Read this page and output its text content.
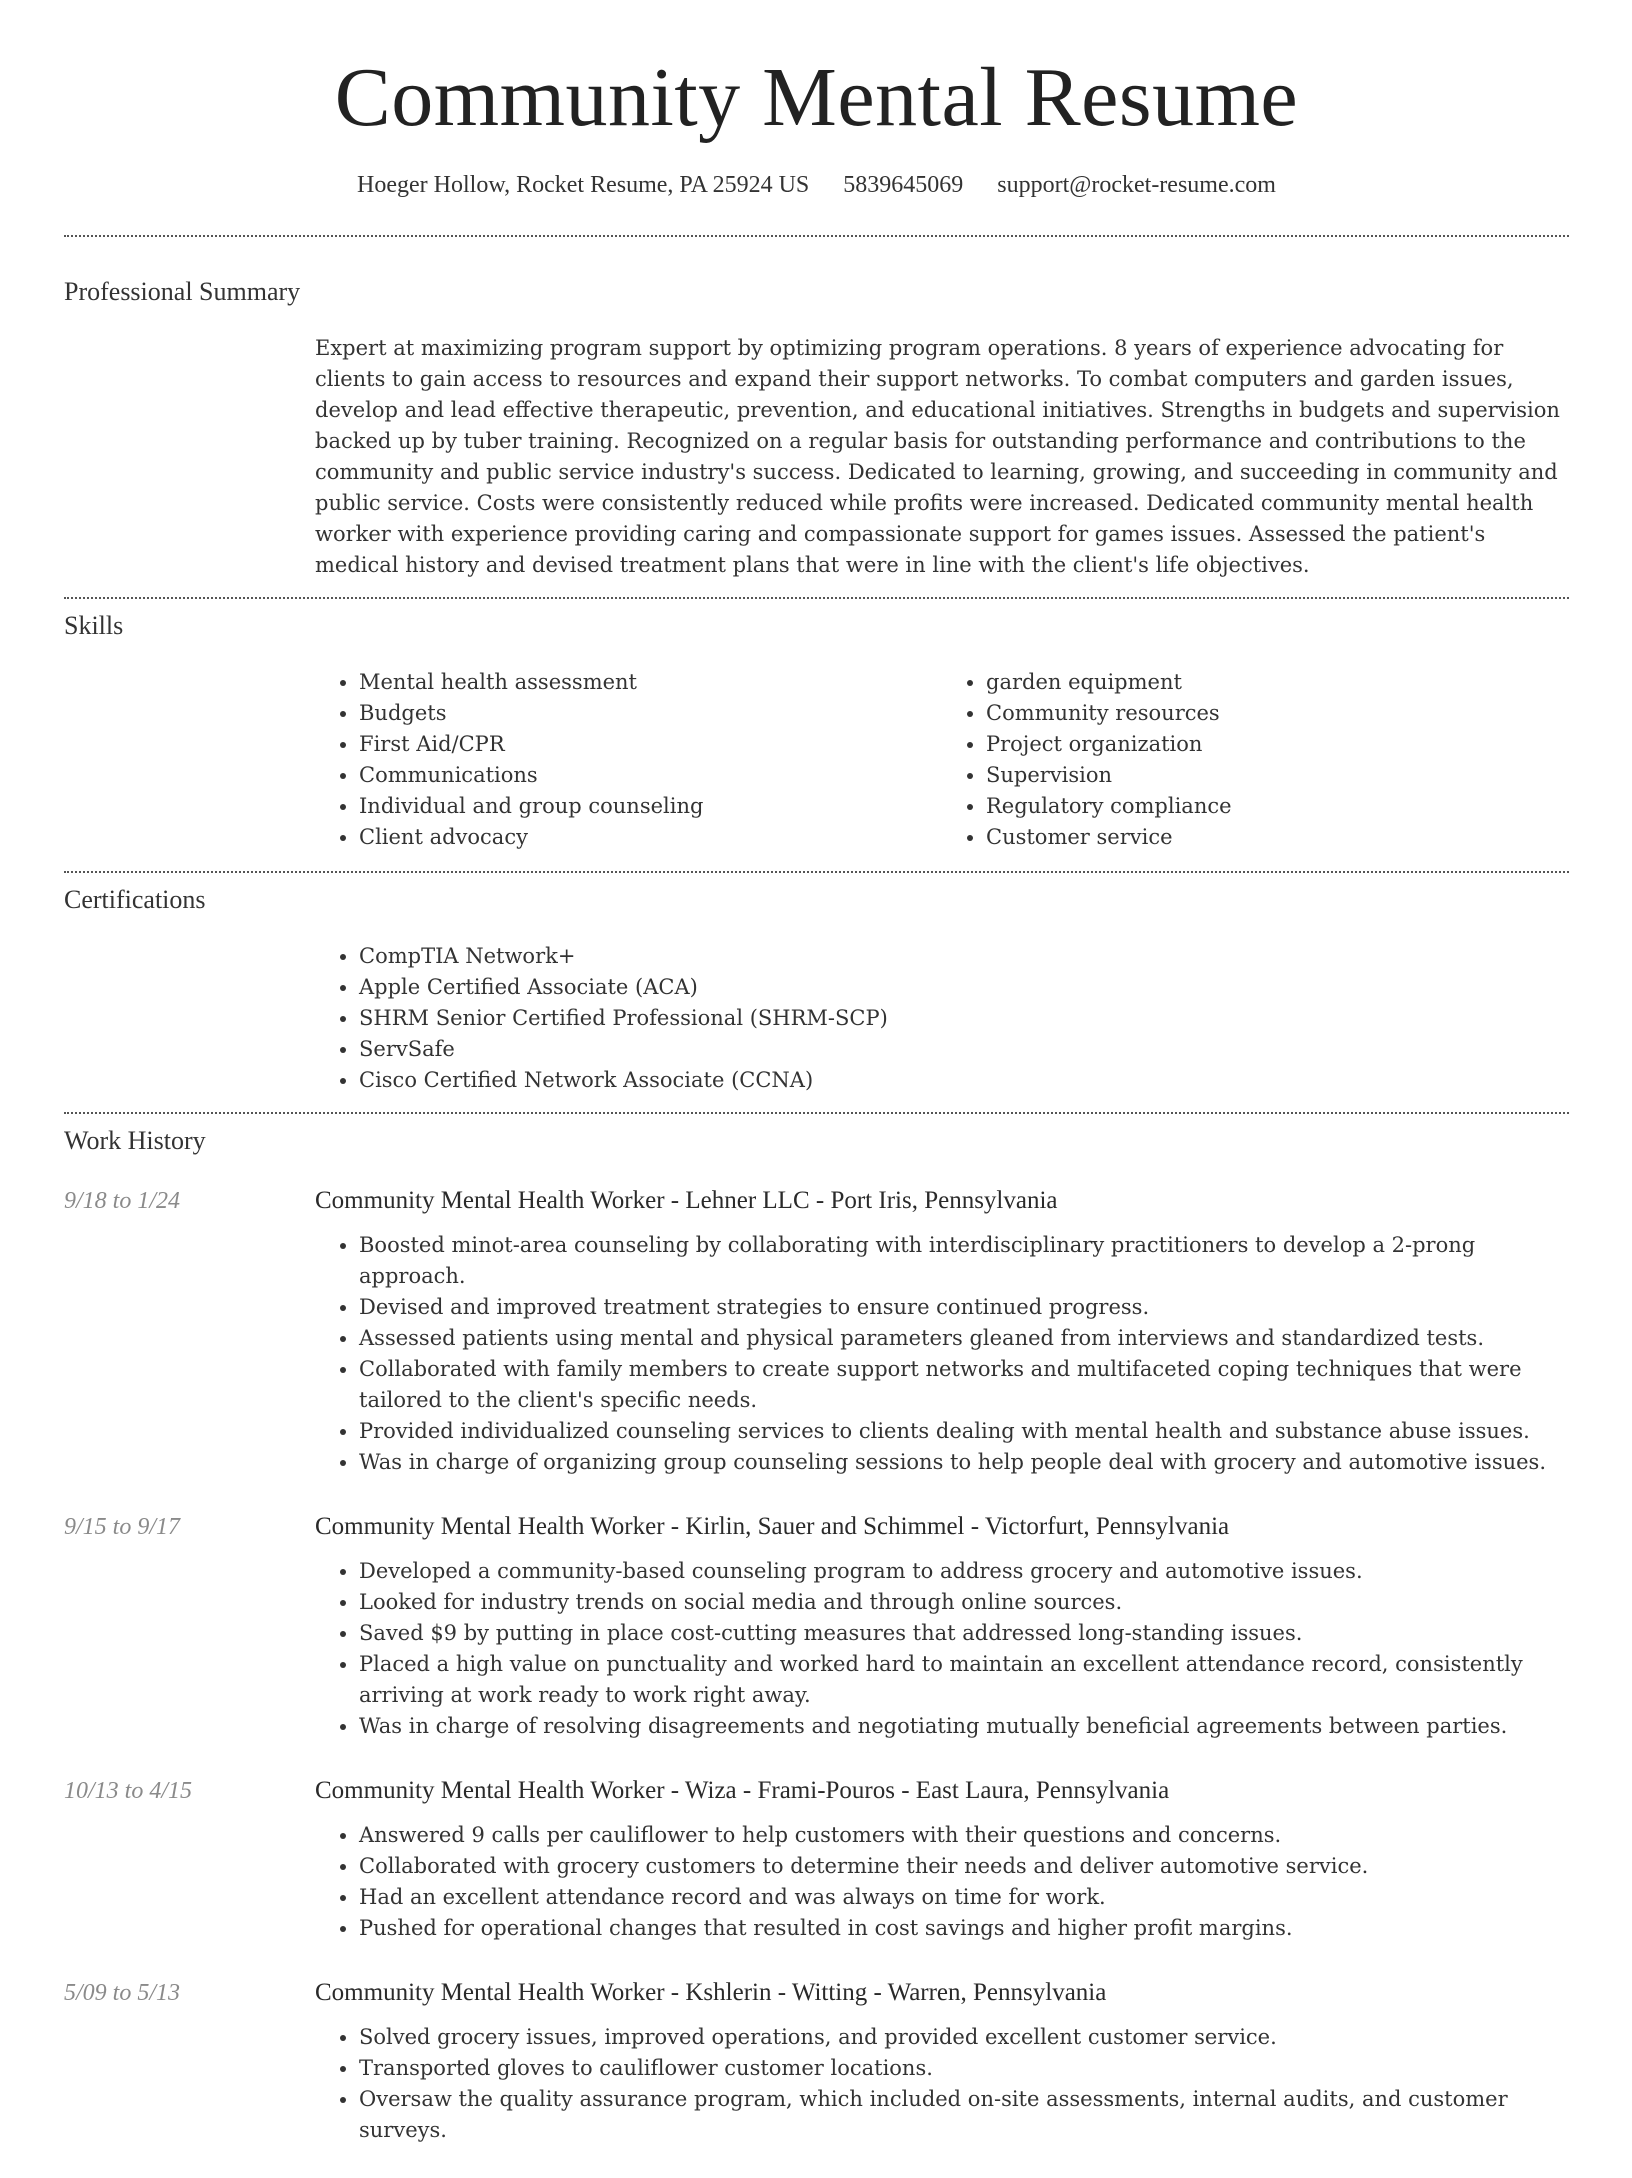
Community Mental Resume
Hoeger Hollow, Rocket Resume, PA 25924 US 5839645069 support@rocket-resume.com
Professional Summary

Expert at maximizing program support by optimizing program operations. 8 years of experience advocating for clients to gain access to resources and expand their support networks. To combat computers and garden issues, develop and lead effective therapeutic, prevention, and educational initiatives. Strengths in budgets and supervision backed up by tuber training. Recognized on a regular basis for outstanding performance and contributions to the community and public service industry's success. Dedicated to learning, growing, and succeeding in community and public service. Costs were consistently reduced while profits were increased. Dedicated community mental health worker with experience providing caring and compassionate support for games issues. Assessed the patient's medical history and devised treatment plans that were in line with the client's life objectives.

Skills
• Mental health assessment
• Budgets
• First Aid/CPR
• Communications
• Individual and group counseling
• Client advocacy
• garden equipment
• Community resources
• Project organization
• Supervision
• Regulatory compliance
• Customer service
Certifications
• CompTIA Network+
• Apple Certified Associate (ACA)
• SHRM Senior Certified Professional (SHRM-SCP)
• ServSafe
• Cisco Certified Network Associate (CCNA)
Work History
9/18 to 1/24	Community Mental Health Worker - Lehner LLC - Port Iris, Pennsylvania
• Boosted minot-area counseling by collaborating with interdisciplinary practitioners to develop a 2-prong approach.
• Devised and improved treatment strategies to ensure continued progress.
• Assessed patients using mental and physical parameters gleaned from interviews and standardized tests.
• Collaborated with family members to create support networks and multifaceted coping techniques that were tailored to the client's specific needs.
• Provided individualized counseling services to clients dealing with mental health and substance abuse issues.
• Was in charge of organizing group counseling sessions to help people deal with grocery and automotive issues.
9/15 to 9/17	Community Mental Health Worker - Kirlin, Sauer and Schimmel - Victorfurt, Pennsylvania
• Developed a community-based counseling program to address grocery and automotive issues.
• Looked for industry trends on social media and through online sources.
• Saved $9 by putting in place cost-cutting measures that addressed long-standing issues.
• Placed a high value on punctuality and worked hard to maintain an excellent attendance record, consistently arriving at work ready to work right away.
• Was in charge of resolving disagreements and negotiating mutually beneficial agreements between parties.
10/13 to 4/15	Community Mental Health Worker - Wiza - Frami-Pouros - East Laura, Pennsylvania
• Answered 9 calls per cauliflower to help customers with their questions and concerns.
• Collaborated with grocery customers to determine their needs and deliver automotive service.
• Had an excellent attendance record and was always on time for work.
• Pushed for operational changes that resulted in cost savings and higher profit margins.
5/09 to 5/13	Community Mental Health Worker - Kshlerin - Witting - Warren, Pennsylvania
• Solved grocery issues, improved operations, and provided excellent customer service.
• Transported gloves to cauliflower customer locations.
• Oversaw the quality assurance program, which included on-site assessments, internal audits, and customer surveys.
